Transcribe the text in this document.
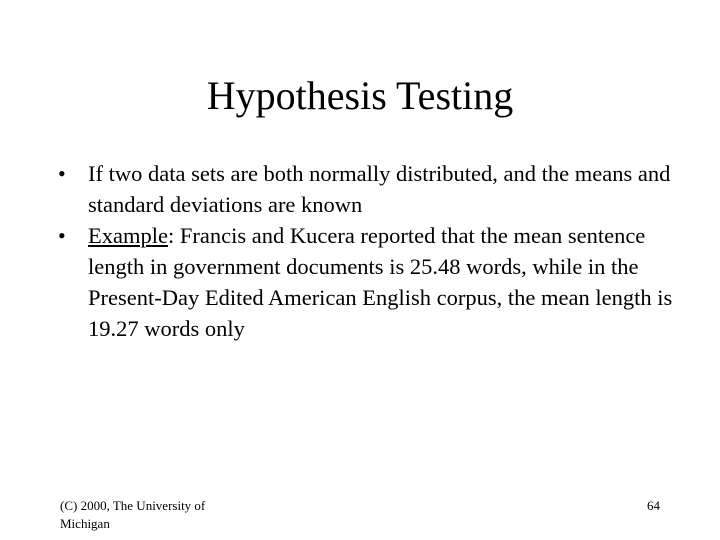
Hypothesis Testing
• If two data sets are both normally distributed, and the means and standard deviations are known
• Example: Francis and Kucera reported that the mean sentence length in government documents is 25.48 words, while in the Present-Day Edited American English corpus, the mean length is 19.27 words only
(C) 2000, The University of Michigan
64
